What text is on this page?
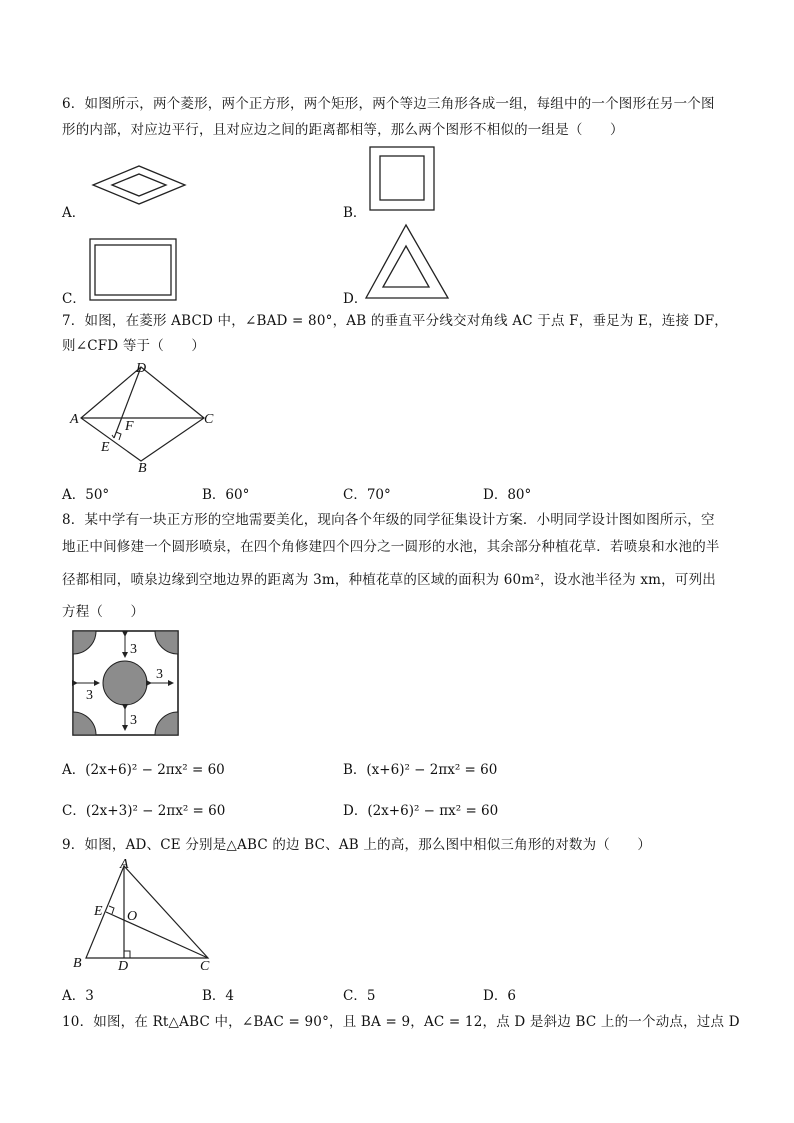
6．如图所示，两个菱形，两个正方形，两个矩形，两个等边三角形各成一组，每组中的一个图形在另一个图
形的内部，对应边平行，且对应边之间的距离都相等，那么两个图形不相似的一组是（　　）
A．	B．
C．	D．
7．如图，在菱形 ABCD 中，∠BAD = 80°，AB 的垂直平分线交对角线 AC 于点 F，垂足为 E，连接 DF，
则∠CFD 等于（　　）
D
A	F	C
E
B
A．50°	B．60°	C．70°	D．80°
8．某中学有一块正方形的空地需要美化，现向各个年级的同学征集设计方案．小明同学设计图如图所示，空
地正中间修建一个圆形喷泉，在四个角修建四个四分之一圆形的水池，其余部分种植花草．若喷泉和水池的半
径都相同，喷泉边缘到空地边界的距离为 3m，种植花草的区域的面积为 60m²，设水池半径为 xm，可列出
方程（　　）
3
3
3
3
A．(2x+6)² − 2πx² = 60	B．(x+6)² − 2πx² = 60
C．(2x+3)² − 2πx² = 60	D．(2x+6)² − πx² = 60
9．如图，AD、CE 分别是△ABC 的边 BC、AB 上的高，那么图中相似三角形的对数为（　　）
A
E O
B	D	C
A．3	B．4	C．5	D．6
10．如图，在 Rt△ABC 中，∠BAC = 90°，且 BA = 9，AC = 12，点 D 是斜边 BC 上的一个动点，过点 D
